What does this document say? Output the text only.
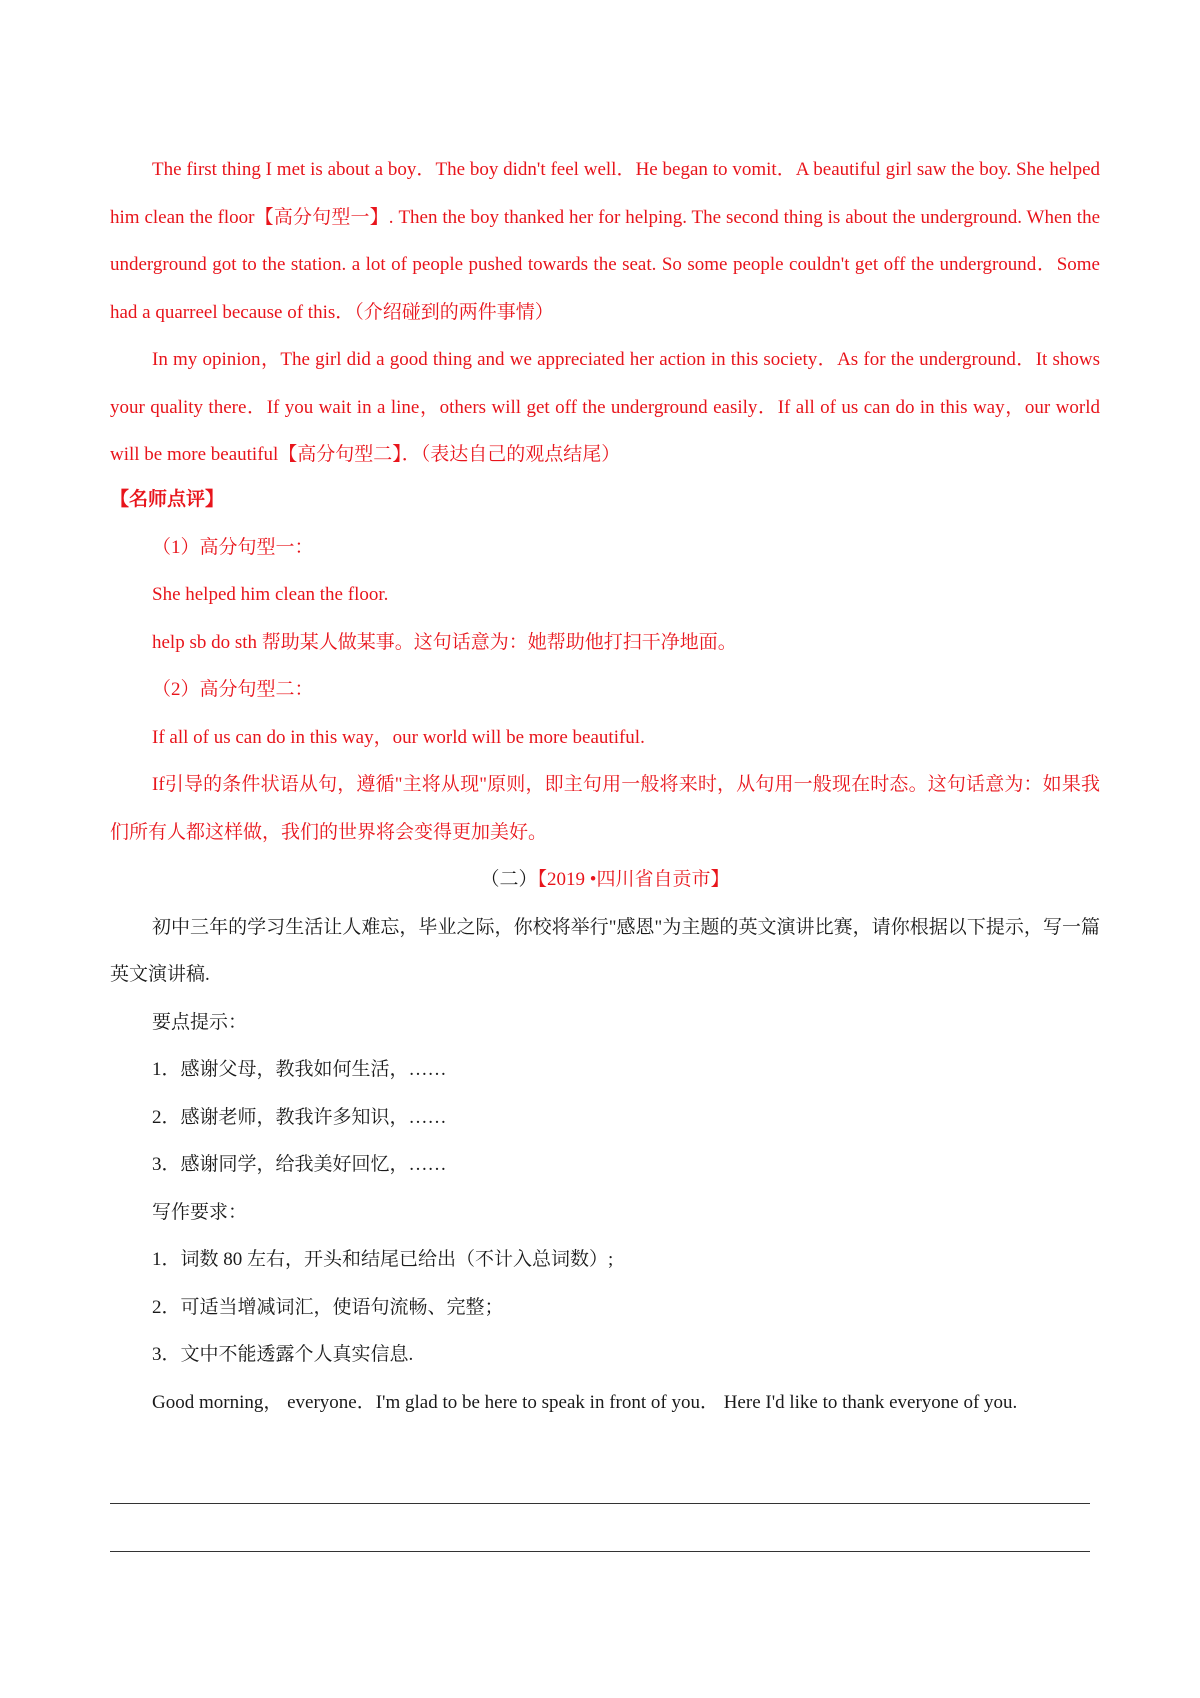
The first thing I met is about a boy．The boy didn't feel well．He began to vomit．A beautiful girl saw the boy. She helped him clean the floor【高分句型一】. Then the boy thanked her for helping. The second thing is about the underground. When the underground got to the station. a lot of people pushed towards the seat. So some people couldn't get off the underground．Some had a quarreel because of this．（介绍碰到的两件事情）

In my opinion，The girl did a good thing and we appreciated her action in this society．As for the underground．It shows your quality there．If you wait in a line，others will get off the underground easily．If all of us can do in this way，our world will be more beautiful【高分句型二】．（表达自己的观点结尾）

【名师点评】

（1）高分句型一：

She helped him clean the floor.

help sb do sth 帮助某人做某事。这句话意为：她帮助他打扫干净地面。

（2）高分句型二：

If all of us can do in this way，our world will be more beautiful.

If引导的条件状语从句，遵循"主将从现"原则，即主句用一般将来时，从句用一般现在时态。这句话意为：如果我们所有人都这样做，我们的世界将会变得更加美好。

（二）【2019 •四川省自贡市】

初中三年的学习生活让人难忘，毕业之际，你校将举行"感恩"为主题的英文演讲比赛，请你根据以下提示，写一篇英文演讲稿.

要点提示：

1．感谢父母，教我如何生活，……

2．感谢老师，教我许多知识，……

3．感谢同学，给我美好回忆，……

写作要求：

1．词数 80 左右，开头和结尾已给出（不计入总词数）;

2．可适当增减词汇，使语句流畅、完整；

3．文中不能透露个人真实信息.

Good morning， everyone．I'm glad to be here to speak in front of you． Here I'd like to thank everyone of you.
